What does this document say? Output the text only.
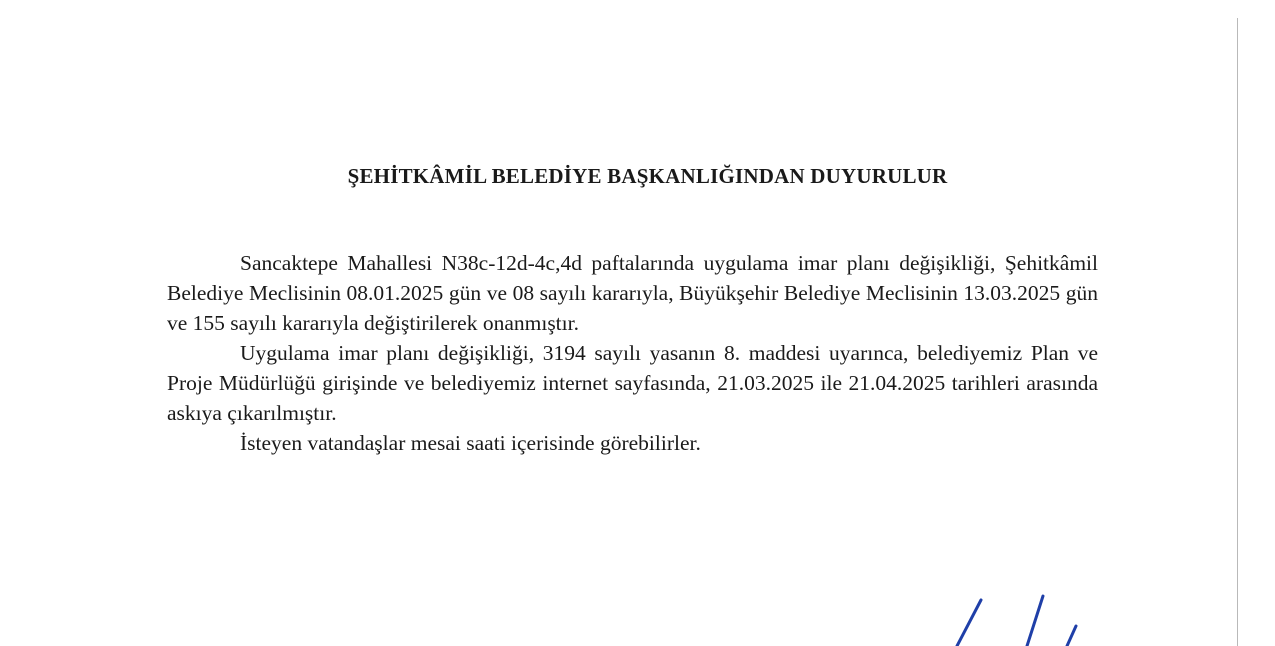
ŞEHİTKÂMİL BELEDİYE BAŞKANLIĞINDAN DUYURULUR

Sancaktepe Mahallesi N38c-12d-4c,4d paftalarında uygulama imar planı değişikliği, Şehitkâmil Belediye Meclisinin 08.01.2025 gün ve 08 sayılı kararıyla, Büyükşehir Belediye Meclisinin 13.03.2025 gün ve 155 sayılı kararıyla değiştirilerek onanmıştır.

Uygulama imar planı değişikliği, 3194 sayılı yasanın 8. maddesi uyarınca, belediyemiz Plan ve Proje Müdürlüğü girişinde ve belediyemiz internet sayfasında, 21.03.2025 ile 21.04.2025 tarihleri arasında askıya çıkarılmıştır.

İsteyen vatandaşlar mesai saati içerisinde görebilirler.
